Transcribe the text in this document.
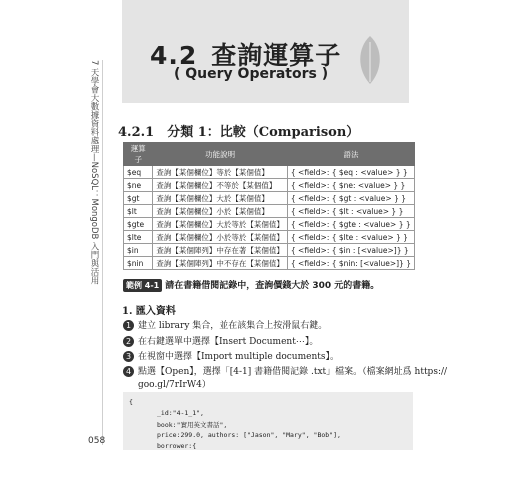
4.2 查詢運算子
( Query Operators )
7 天學會大數據資料處理—NoSQL：MongoDB 入門與活用 4.2.1　分類 1：比較（Comparison）
運算子	功能說明	語法
$eq	查詢【某個欄位】等於【某個值】	{ <field>: { $eq : <value> } }
$ne	查詢【某個欄位】不等於【某個值】	{ <field>: { $ne: <value> } }
$gt	查詢【某個欄位】大於【某個值】	{ <field>: { $gt : <value> } }
$lt	查詢【某個欄位】小於【某個值】	{ <field>: { $lt : <value> } }
$gte	查詢【某個欄位】大於等於【某個值】	{ <field>: { $gte : <value> } }
$lte	查詢【某個欄位】小於等於【某個值】	{ <field>: { $lte : <value> } }
$in	查詢【某個陣列】中存在著【某個值】	{ <field>: { $in : [<value>]} }
$nin	查詢【某個陣列】中不存在【某個值】	{ <field>: { $nin: [<value>]} }
範例 4-1 請在書籍借閱記錄中，查詢價錢大於 300 元的書籍。
1. 匯入資料
1 建立 library 集合，並在該集合上按滑鼠右鍵。
2 在右鍵選單中選擇【Insert Document⋯】。
3 在視窗中選擇【Import multiple documents】。
4 點選【Open】，選擇「[4-1] 書籍借閱記錄 .txt」檔案。（檔案網址爲 https://
goo.gl/7rIrW4）
{
_id:"4-1_1",
book:"實用英文書話",
price:299.0, authors: ["Jason", "Mary", "Bob"],
borrower:{
058
